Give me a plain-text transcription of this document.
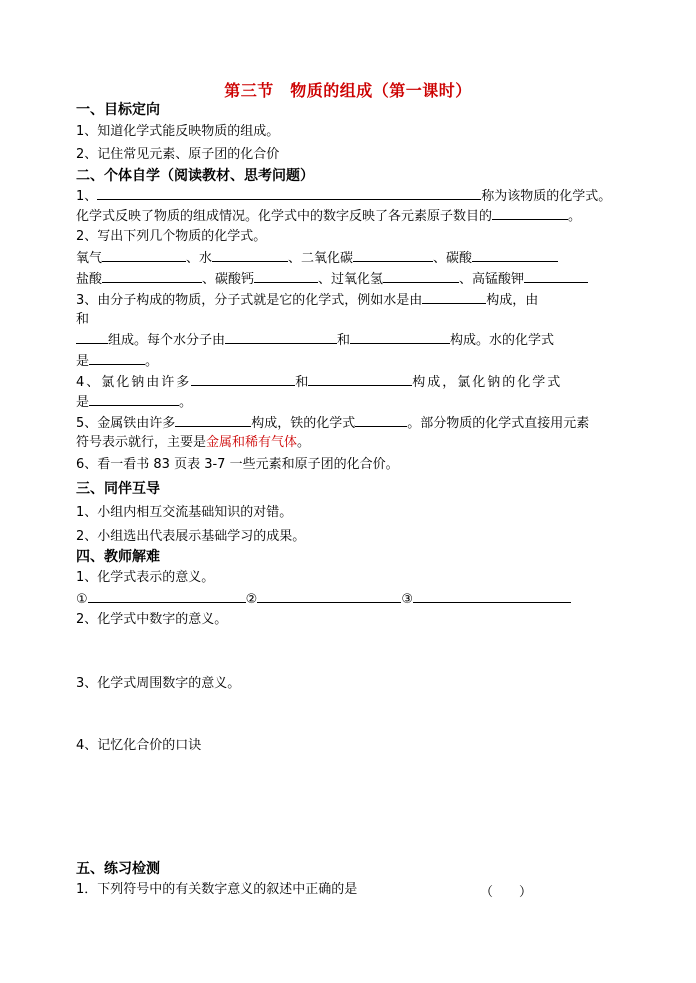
第三节　物质的组成（第一课时）
一、目标定向
1、知道化学式能反映物质的组成。
2、记住常见元素、原子团的化合价
二、个体自学（阅读教材、思考问题）
1、	称为该物质的化学式。
化学式反映了物质的组成情况。化学式中的数字反映了各元素原子数目的	。
2、写出下列几个物质的化学式。
氧气	、水	、二氧化碳	、碳酸
盐酸	、碳酸钙	、过氧化氢	、高锰酸钾
3、由分子构成的物质，分子式就是它的化学式，例如水是由	构成，由
和
组成。每个水分子由	和	构成。水的化学式
是	。
4、氯化钠由许多	和	构成，氯化钠的化学式
是	。
5、金属铁由许多	构成，铁的化学式	。部分物质的化学式直接用元素
符号表示就行，主要是金属和稀有气体。
6、看一看书 83 页表 3-7 一些元素和原子团的化合价。
三、同伴互导
1、小组内相互交流基础知识的对错。
2、小组选出代表展示基础学习的成果。
四、教师解难
1、化学式表示的意义。
①	②	③
2、化学式中数字的意义。
3、化学式周围数字的意义。
4、记忆化合价的口诀
五、练习检测
1．下列符号中的有关数字意义的叙述中正确的是	（　　）
